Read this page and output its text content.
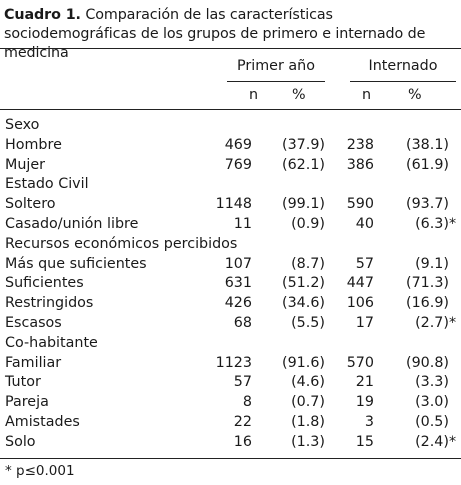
Cuadro 1. Comparación de las características sociodemográficas de los grupos de primero e internado de medicina
Primer año	Internado
n %	n	%
Sexo
Hombre	469 (37.9) 238 (38.1)
Mujer	769 (62.1) 386 (61.9)
Estado Civil
Soltero	1148 (99.1) 590 (93.7)
Casado/unión libre	11	(0.9) 40	(6.3) *
Recursos económicos percibidos
Más que suficientes	107	(8.7) 57	(9.1)
Suficientes	631 (51.2) 447 (71.3)
Restringidos	426 (34.6) 106 (16.9)
Escasos	68	(5.5) 17	(2.7) *
Co-habitante
Familiar	1123 (91.6) 570 (90.8)
Tutor	57	(4.6) 21	(3.3)
Pareja	8	(0.7) 19	(3.0)
Amistades	22	(1.8)	3	(0.5)
Solo	16	(1.3) 15	(2.4) *
* p≤0.001
